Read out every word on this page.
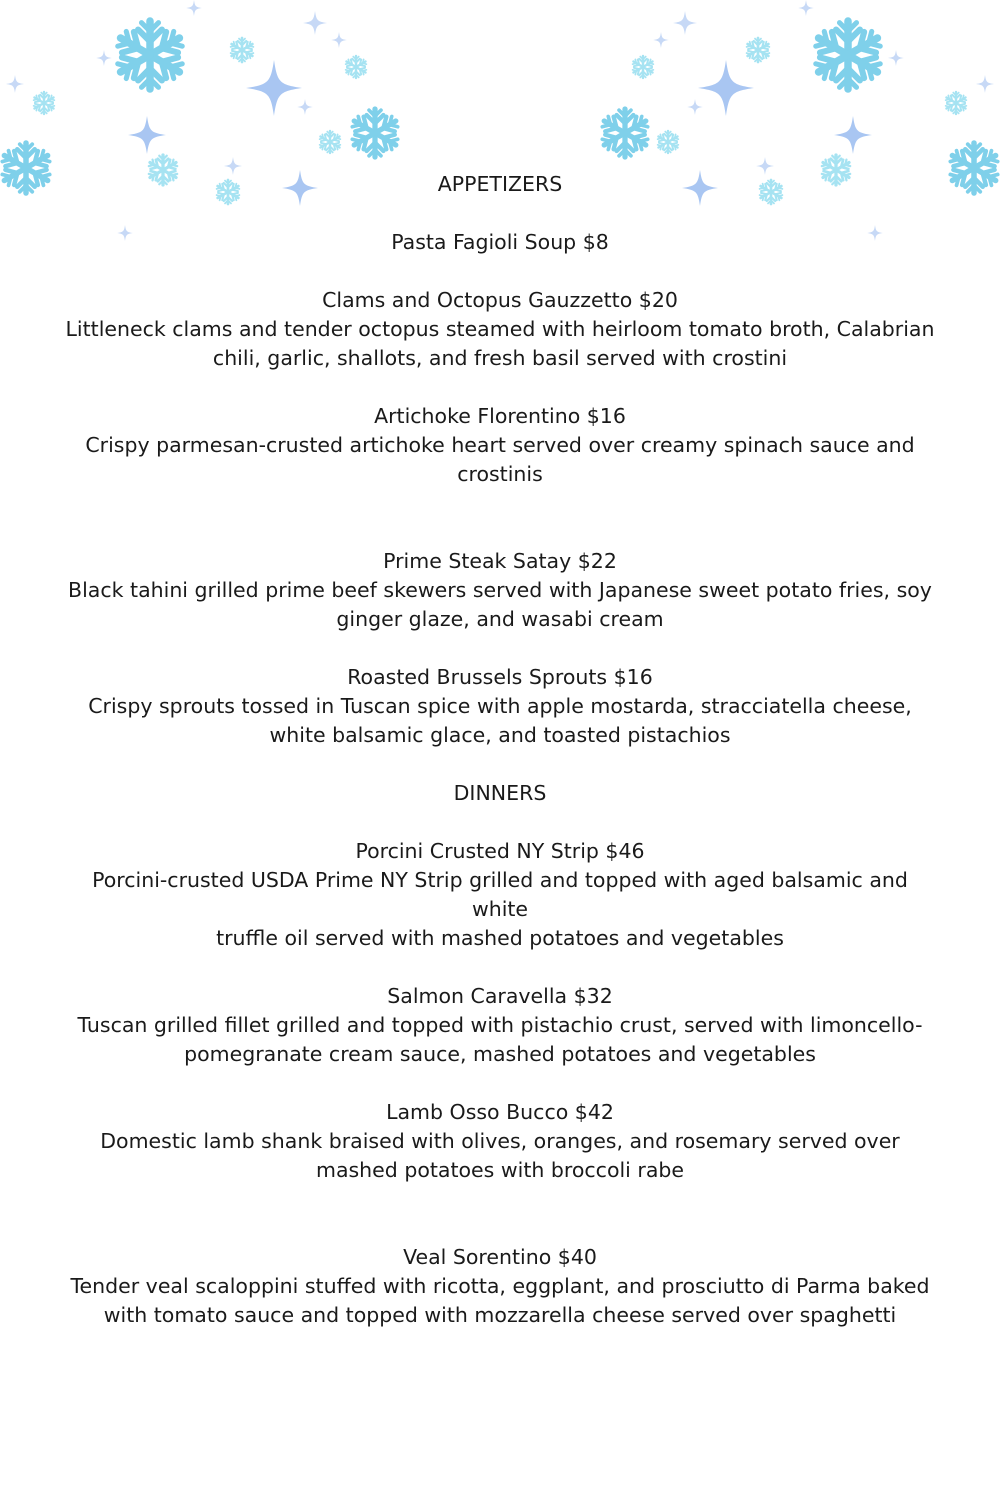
APPETIZERS
Pasta Fagioli Soup $8
Clams and Octopus Gauzzetto $20
Littleneck clams and tender octopus steamed with heirloom tomato broth, Calabrian
chili, garlic, shallots, and fresh basil served with crostini
Artichoke Florentino $16
Crispy parmesan-crusted artichoke heart served over creamy spinach sauce and
crostinis
Prime Steak Satay $22
Black tahini grilled prime beef skewers served with Japanese sweet potato fries, soy
ginger glaze, and wasabi cream
Roasted Brussels Sprouts $16
Crispy sprouts tossed in Tuscan spice with apple mostarda, stracciatella cheese,
white balsamic glace, and toasted pistachios
DINNERS
Porcini Crusted NY Strip $46
Porcini-crusted USDA Prime NY Strip grilled and topped with aged balsamic and
white
truffle oil served with mashed potatoes and vegetables
Salmon Caravella $32
Tuscan grilled fillet grilled and topped with pistachio crust, served with limoncello-
pomegranate cream sauce, mashed potatoes and vegetables
Lamb Osso Bucco $42
Domestic lamb shank braised with olives, oranges, and rosemary served over
mashed potatoes with broccoli rabe
Veal Sorentino $40
Tender veal scaloppini stuffed with ricotta, eggplant, and prosciutto di Parma baked
with tomato sauce and topped with mozzarella cheese served over spaghetti
